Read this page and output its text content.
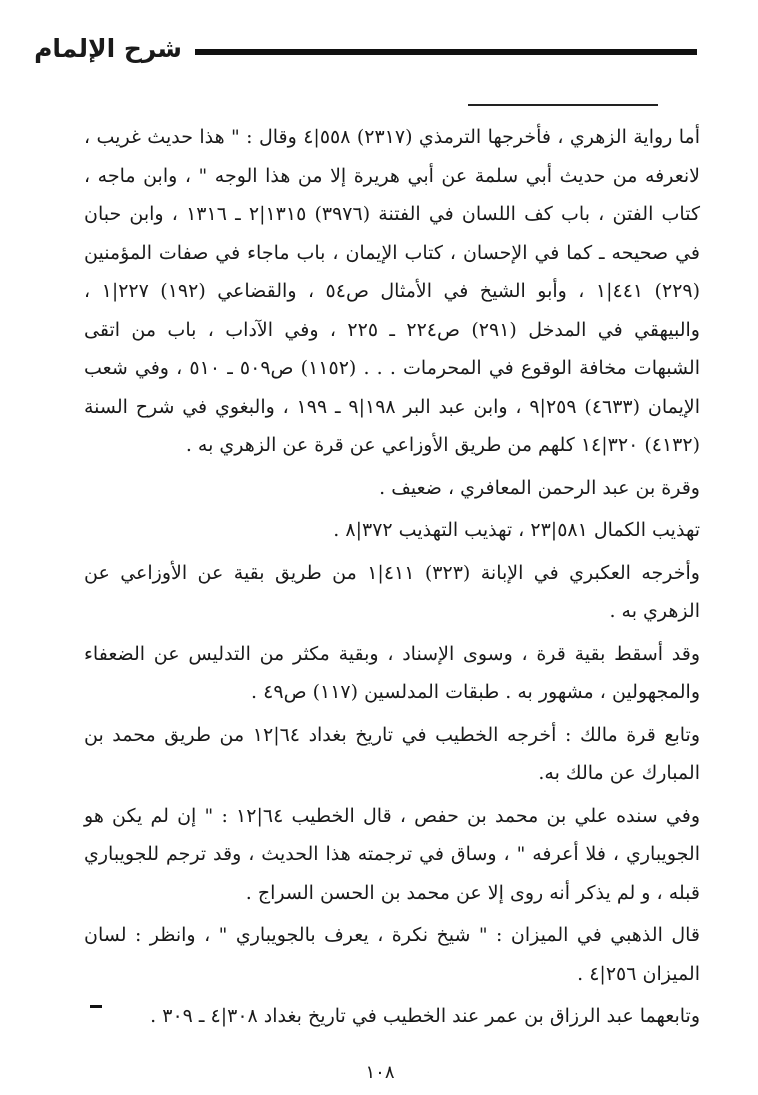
شرح الإلمام

أما رواية الزهري ، فأخرجها الترمذي (٢٣١٧) ٥٥٨|٤ وقال : " هذا حديث غريب ، لانعرفه من حديث أبي سلمة عن أبي هريرة إلا من هذا الوجه " ، وابن ماجه ، كتاب الفتن ، باب كف اللسان في الفتنة (٣٩٧٦) ١٣١٥|٢ ـ ١٣١٦ ، وابن حبان في صحيحه ـ كما في الإحسان ، كتاب الإيمان ، باب ماجاء في صفات المؤمنين (٢٢٩) ٤٤١|١ ، وأبو الشيخ في الأمثال ص٥٤ ، والقضاعي (١٩٢) ٢٢٧|١ ، والبيهقي في المدخل (٢٩١) ص٢٢٤ ـ ٢٢٥ ، وفي الآداب ، باب من اتقى الشبهات مخافة الوقوع في المحرمات . . . (١١٥٢) ص٥٠٩ ـ ٥١٠ ، وفي شعب الإيمان (٤٦٣٣) ٢٥٩|٩ ، وابن عبد البر ١٩٨|٩ ـ ١٩٩ ، والبغوي في شرح السنة (٤١٣٢) ٣٢٠|١٤ كلهم من طريق الأوزاعي عن قرة عن الزهري به .

وقرة بن عبد الرحمن المعافري ، ضعيف .

تهذيب الكمال ٥٨١|٢٣ ، تهذيب التهذيب ٣٧٢|٨ .

وأخرجه العكبري في الإبانة (٣٢٣) ٤١١|١ من طريق بقية عن الأوزاعي عن الزهري به .

وقد أسقط بقية قرة ، وسوى الإسناد ، وبقية مكثر من التدليس عن الضعفاء والمجهولين ، مشهور به . طبقات المدلسين (١١٧) ص٤٩ .

وتابع قرة مالك : أخرجه الخطيب في تاريخ بغداد ٦٤|١٢ من طريق محمد بن المبارك عن مالك به.

وفي سنده علي بن محمد بن حفص ، قال الخطيب ٦٤|١٢ : " إن لم يكن هو الجويباري ، فلا أعرفه " ، وساق في ترجمته هذا الحديث ، وقد ترجم للجويباري قبله ، و لم يذكر أنه روى إلا عن محمد بن الحسن السراج .

قال الذهبي في الميزان : " شيخ نكرة ، يعرف بالجويباري " ، وانظر : لسان الميزان ٢٥٦|٤ .

وتابعهما عبد الرزاق بن عمر عند الخطيب في تاريخ بغداد ٣٠٨|٤ ـ ٣٠٩ .

١٠٨
